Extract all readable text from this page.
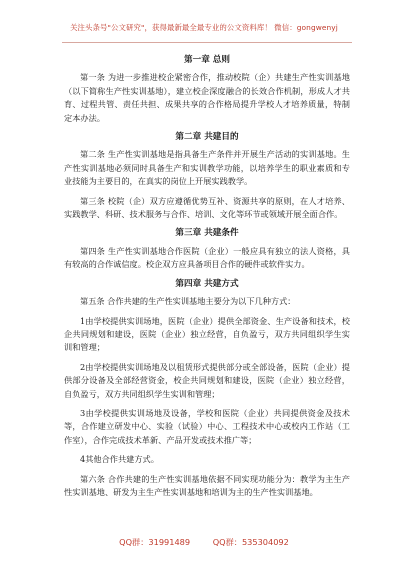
关注头条号"公文研究"，获得最新最全最专业的公文资料库！ 微信：gongwenyj
第一章 总则

第一条 为进一步推进校企紧密合作，推动校院（企）共建生产性实训基地（以下简称生产性实训基地），建立校企深度融合的长效合作机制，形成人才共育、过程共管、责任共担、成果共享的合作格局提升学校人才培养质量，特制定本办法。

第二章 共建目的

第二条 生产性实训基地是指具备生产条件并开展生产活动的实训基地。生产性实训基地必须同时具备生产和实训教学功能，以培养学生的职业素质和专业技能为主要目的，在真实的岗位上开展实践教学。

第三条 校院（企）双方应遵循优势互补、资源共享的原则，在人才培养、实践教学、科研、技术服务与合作、培训、文化等环节或领域开展全面合作。

第三章 共建条件

第四条 生产性实训基地合作医院（企业）一般应具有独立的法人资格，具有较高的合作诚信度。校企双方应具备项目合作的硬件或软件实力。

第四章 共建方式

第五条 合作共建的生产性实训基地主要分为以下几种方式：

1由学校提供实训场地，医院（企业）提供全部资金、生产设备和技术，校企共同规划和建设，医院（企业）独立经营，自负盈亏，双方共同组织学生实训和管理；

2由学校提供实训场地及以租赁形式提供部分或全部设备，医院（企业）提供部分设备及全部经营资金，校企共同规划和建设，医院（企业）独立经营，自负盈亏，双方共同组织学生实训和管理；

3由学校提供实训场地及设备，学校和医院（企业）共同提供资金及技术等，合作建立研发中心、实验（试验）中心、工程技术中心或校内工作站（工作室），合作完成技术革新、产品开发或技术推广等；

4其他合作共建方式。

第六条 合作共建的生产性实训基地依据不同实现功能分为：教学为主生产性实训基地、研发为主生产性实训基地和培训为主的生产性实训基地。

QQ群：31991489	QQ群：535304092
